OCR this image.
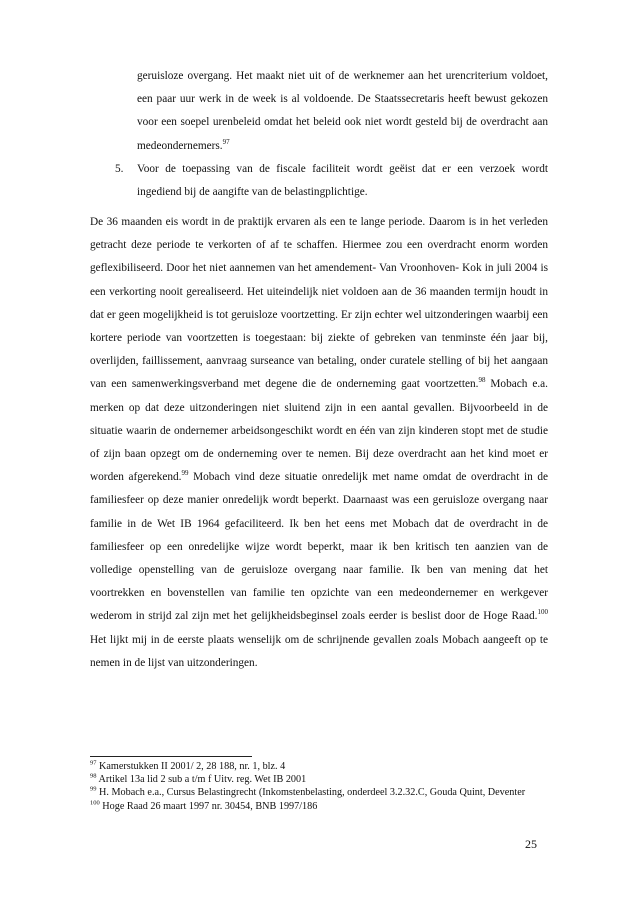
geruisloze overgang. Het maakt niet uit of de werknemer aan het urencriterium voldoet, een paar uur werk in de week is al voldoende. De Staatssecretaris heeft bewust gekozen voor een soepel urenbeleid omdat het beleid ook niet wordt gesteld bij de overdracht aan medeondernemers.$^{97}$
5. Voor de toepassing van de fiscale faciliteit wordt geëist dat er een verzoek wordt ingediend bij de aangifte van de belastingplichtige.

De 36 maanden eis wordt in de praktijk ervaren als een te lange periode. Daarom is in het verleden getracht deze periode te verkorten of af te schaffen. Hiermee zou een overdracht enorm worden geflexibiliseerd. Door het niet aannemen van het amendement- Van Vroonhoven- Kok in juli 2004 is een verkorting nooit gerealiseerd. Het uiteindelijk niet voldoen aan de 36 maanden termijn houdt in dat er geen mogelijkheid is tot geruisloze voortzetting. Er zijn echter wel uitzonderingen waarbij een kortere periode van voortzetten is toegestaan: bij ziekte of gebreken van tenminste één jaar bij, overlijden, faillissement, aanvraag surseance van betaling, onder curatele stelling of bij het aangaan van een samenwerkingsverband met degene die de onderneming gaat voortzetten.$^{98}$ Mobach e.a. merken op dat deze uitzonderingen niet sluitend zijn in een aantal gevallen. Bijvoorbeeld in de situatie waarin de ondernemer arbeidsongeschikt wordt en één van zijn kinderen stopt met de studie of zijn baan opzegt om de onderneming over te nemen. Bij deze overdracht aan het kind moet er worden afgerekend.$^{99}$ Mobach vind deze situatie onredelijk met name omdat de overdracht in de familiesfeer op deze manier onredelijk wordt beperkt. Daarnaast was een geruisloze overgang naar familie in de Wet IB 1964 gefaciliteerd. Ik ben het eens met Mobach dat de overdracht in de familiesfeer op een onredelijke wijze wordt beperkt, maar ik ben kritisch ten aanzien van de volledige openstelling van de geruisloze overgang naar familie. Ik ben van mening dat het voortrekken en bovenstellen van familie ten opzichte van een medeondernemer en werkgever wederom in strijd zal zijn met het gelijkheidsbeginsel zoals eerder is beslist door de Hoge Raad.$^{100}$ Het lijkt mij in de eerste plaats wenselijk om de schrijnende gevallen zoals Mobach aangeeft op te nemen in de lijst van uitzonderingen.

$^{97}$ Kamerstukken II 2001/ 2, 28 188, nr. 1, blz. 4

$^{98}$ Artikel 13a lid 2 sub a t/m f Uitv. reg. Wet IB 2001

$^{99}$ H. Mobach e.a., Cursus Belastingrecht (Inkomstenbelasting, onderdeel 3.2.32.C, Gouda Quint, Deventer

$^{100}$ Hoge Raad 26 maart 1997 nr. 30454, BNB 1997/186

25
